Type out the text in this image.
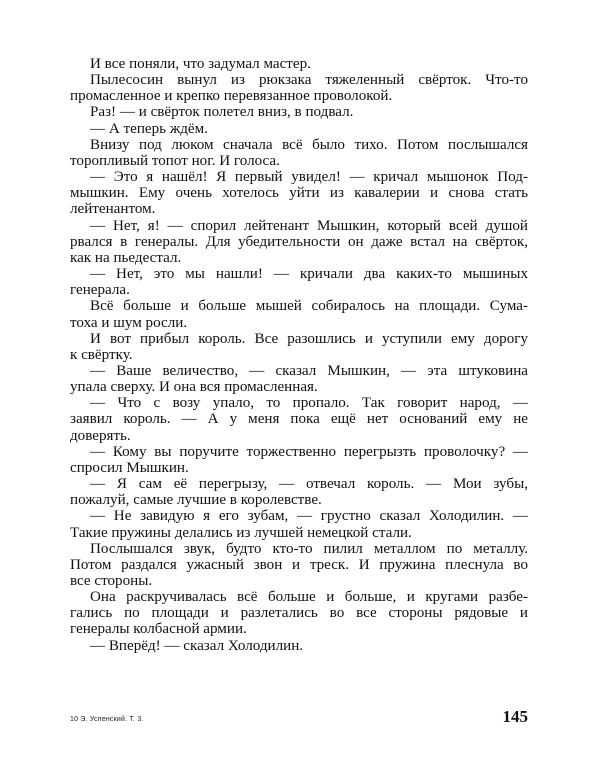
И все поняли, что задумал мастер.
Пылесосин вынул из рюкзака тяжеленный свёрток. Что-то
промасленное и крепко перевязанное проволокой.
Раз! — и свёрток полетел вниз, в подвал.
— А теперь ждём.
Внизу под люком сначала всё было тихо. Потом послышался
торопливый топот ног. И голоса.
— Это я нашёл! Я первый увидел! — кричал мышонок Под-
мышкин. Ему очень хотелось уйти из кавалерии и снова стать
лейтенантом.
— Нет, я! — спорил лейтенант Мышкин, который всей душой
рвался в генералы. Для убедительности он даже встал на свёрток,
как на пьедестал.
— Нет, это мы нашли! — кричали два каких-то мышиных
генерала.
Всё больше и больше мышей собиралось на площади. Сума-
тоха и шум росли.
И вот прибыл король. Все разошлись и уступили ему дорогу
к свёртку.
— Ваше величество, — сказал Мышкин, — эта штуковина
упала сверху. И она вся промасленная.
— Что с возу упало, то пропало. Так говорит народ, —
заявил король. — А у меня пока ещё нет оснований ему не
доверять.
— Кому вы поручите торжественно перегрызть проволочку? —
спросил Мышкин.
— Я сам её перегрызу, — отвечал король. — Мои зубы,
пожалуй, самые лучшие в королевстве.
— Не завидую я его зубам, — грустно сказал Холодилин. —
Такие пружины делались из лучшей немецкой стали.
Послышался звук, будто кто-то пилил металлом по металлу.
Потом раздался ужасный звон и треск. И пружина плеснула во
все стороны.
Она раскручивалась всё больше и больше, и кругами разбе-
гались по площади и разлетались во все стороны рядовые и
генералы колбасной армии.
— Вперёд! — сказал Холодилин.
10 Э. Успенский. Т. 3.	145
